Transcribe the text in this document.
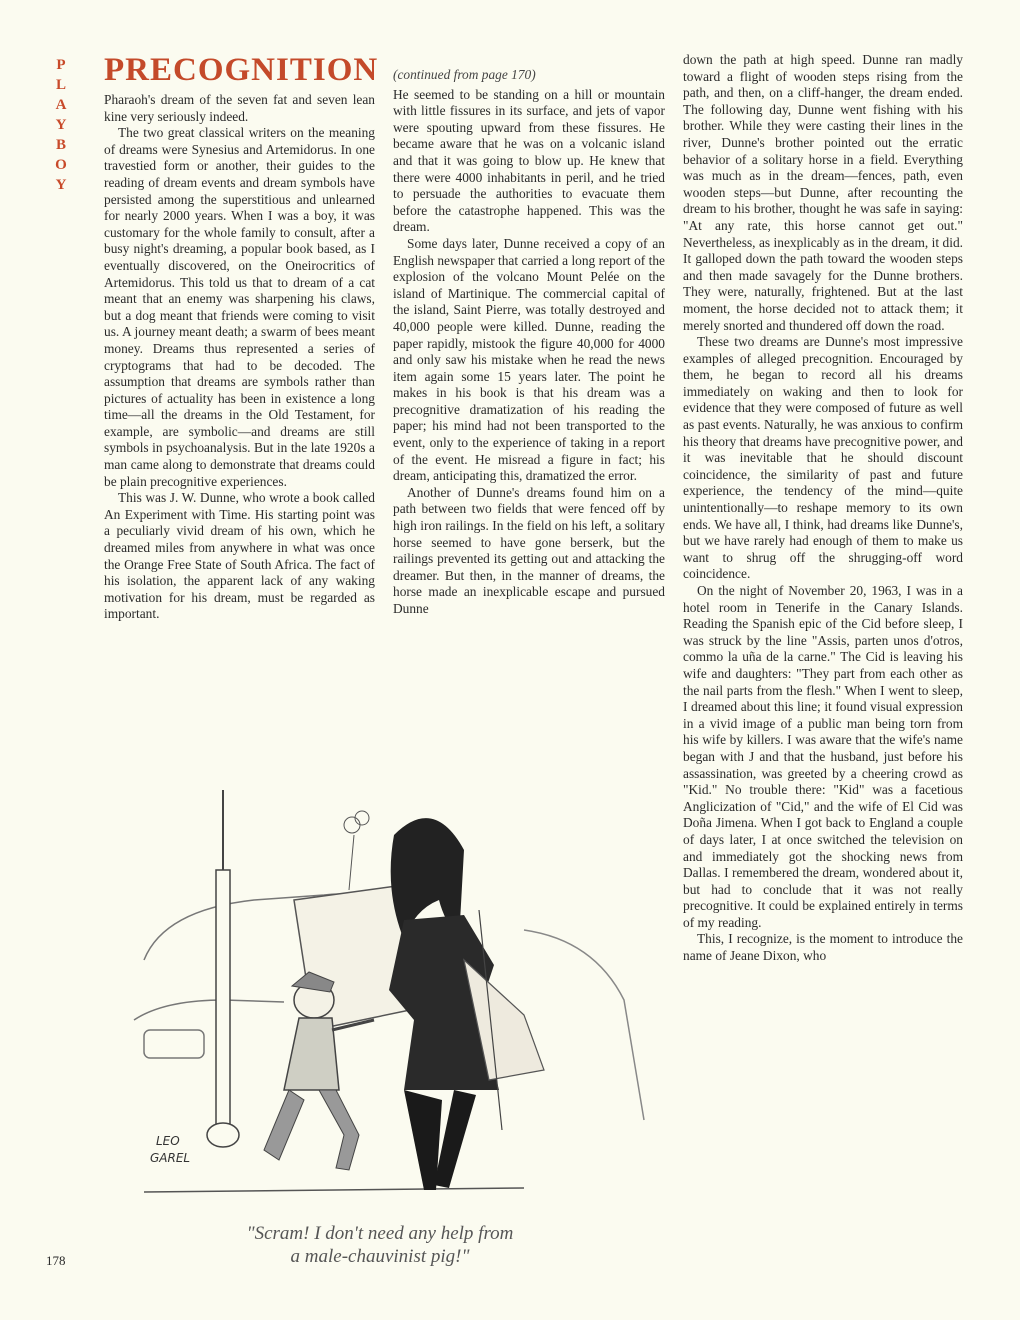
P
L
A
Y
B
O
Y
PRECOGNITION

Pharaoh's dream of the seven fat and seven lean kine very seriously indeed.

The two great classical writers on the meaning of dreams were Synesius and Artemidorus. In one travestied form or another, their guides to the reading of dream events and dream symbols have persisted among the superstitious and unlearned for nearly 2000 years. When I was a boy, it was customary for the whole family to consult, after a busy night's dreaming, a popular book based, as I eventually discovered, on the Oneirocritics of Artemidorus. This told us that to dream of a cat meant that an enemy was sharpening his claws, but a dog meant that friends were coming to visit us. A journey meant death; a swarm of bees meant money. Dreams thus represented a series of cryptograms that had to be decoded. The assumption that dreams are symbols rather than pictures of actuality has been in existence a long time—all the dreams in the Old Testament, for example, are symbolic—and dreams are still symbols in psychoanalysis. But in the late 1920s a man came along to demonstrate that dreams could be plain precognitive experiences.

This was J. W. Dunne, who wrote a book called An Experiment with Time. His starting point was a peculiarly vivid dream of his own, which he dreamed miles from anywhere in what was once the Orange Free State of South Africa. The fact of his isolation, the apparent lack of any waking motivation for his dream, must be regarded as important.

(continued from page 170)

He seemed to be standing on a hill or mountain with little fissures in its surface, and jets of vapor were spouting upward from these fissures. He became aware that he was on a volcanic island and that it was going to blow up. He knew that there were 4000 inhabitants in peril, and he tried to persuade the authorities to evacuate them before the catastrophe happened. This was the dream.

Some days later, Dunne received a copy of an English newspaper that carried a long report of the explosion of the volcano Mount Pelée on the island of Martinique. The commercial capital of the island, Saint Pierre, was totally destroyed and 40,000 people were killed. Dunne, reading the paper rapidly, mistook the figure 40,000 for 4000 and only saw his mistake when he read the news item again some 15 years later. The point he makes in his book is that his dream was a precognitive dramatization of his reading the paper; his mind had not been transported to the event, only to the experience of taking in a report of the event. He misread a figure in fact; his dream, anticipating this, dramatized the error.

Another of Dunne's dreams found him on a path between two fields that were fenced off by high iron railings. In the field on his left, a solitary horse seemed to have gone berserk, but the railings prevented its getting out and attacking the dreamer. But then, in the manner of dreams, the horse made an inexplicable escape and pursued Dunne

down the path at high speed. Dunne ran madly toward a flight of wooden steps rising from the path, and then, on a cliff-hanger, the dream ended. The following day, Dunne went fishing with his brother. While they were casting their lines in the river, Dunne's brother pointed out the erratic behavior of a solitary horse in a field. Everything was much as in the dream—fences, path, even wooden steps—but Dunne, after recounting the dream to his brother, thought he was safe in saying: "At any rate, this horse cannot get out." Nevertheless, as inexplicably as in the dream, it did. It galloped down the path toward the wooden steps and then made savagely for the Dunne brothers. They were, naturally, frightened. But at the last moment, the horse decided not to attack them; it merely snorted and thundered off down the road.

These two dreams are Dunne's most impressive examples of alleged precognition. Encouraged by them, he began to record all his dreams immediately on waking and then to look for evidence that they were composed of future as well as past events. Naturally, he was anxious to confirm his theory that dreams have precognitive power, and it was inevitable that he should discount coincidence, the similarity of past and future experience, the tendency of the mind—quite unintentionally—to reshape memory to its own ends. We have all, I think, had dreams like Dunne's, but we have rarely had enough of them to make us want to shrug off the shrugging-off word coincidence.

On the night of November 20, 1963, I was in a hotel room in Tenerife in the Canary Islands. Reading the Spanish epic of the Cid before sleep, I was struck by the line "Assis, parten unos d'otros, commo la uña de la carne." The Cid is leaving his wife and daughters: "They part from each other as the nail parts from the flesh." When I went to sleep, I dreamed about this line; it found visual expression in a vivid image of a public man being torn from his wife by killers. I was aware that the wife's name began with J and that the husband, just before his assassination, was greeted by a cheering crowd as "Kid." No trouble there: "Kid" was a facetious Anglicization of "Cid," and the wife of El Cid was Doña Jimena. When I got back to England a couple of days later, I at once switched the television on and immediately got the shocking news from Dallas. I remembered the dream, wondered about it, but had to conclude that it was not really precognitive. It could be explained entirely in terms of my reading.

This, I recognize, is the moment to introduce the name of Jeane Dixon, who

LEO
GAREL
"Scram! I don't need any help from
a male-chauvinist pig!"
178
